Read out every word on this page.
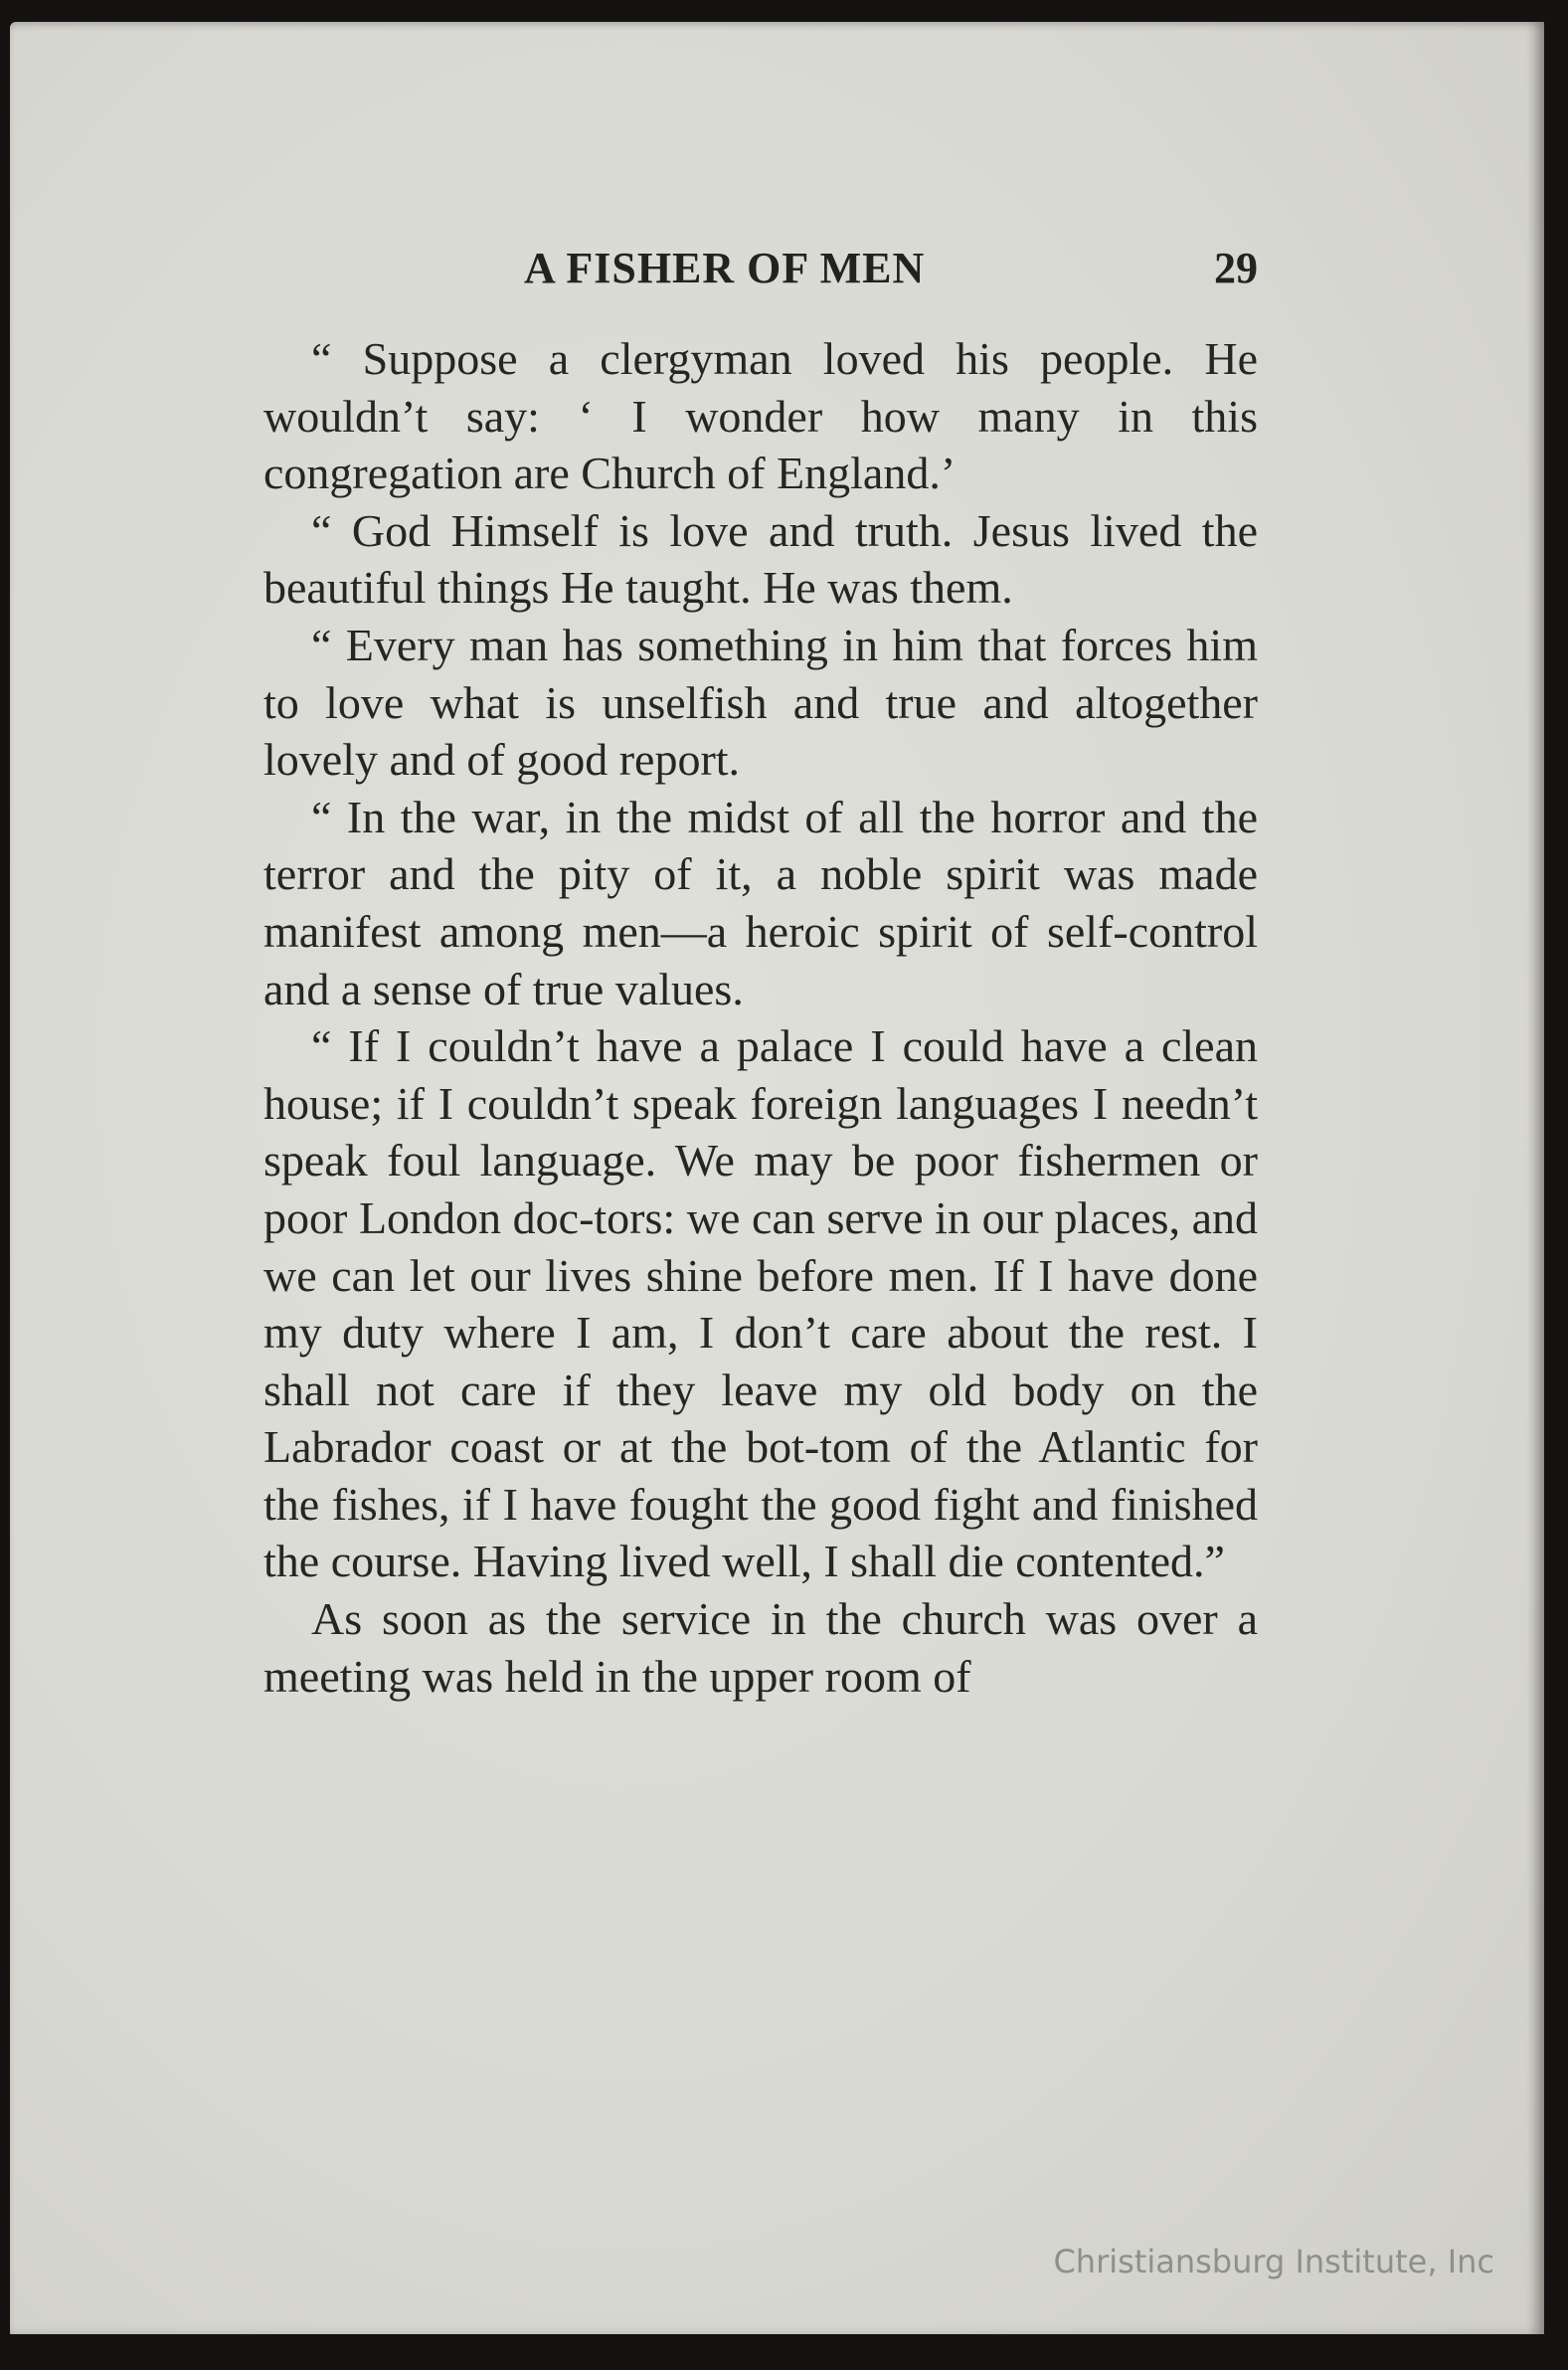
A FISHER OF MEN	29

“ Suppose a clergyman loved his people. He wouldn’t say: ‘ I wonder how many in this congregation are Church of England.’

“ God Himself is love and truth. Jesus lived the beautiful things He taught. He was them.

“ Every man has something in him that forces him to love what is unselfish and true and altogether lovely and of good report.

“ In the war, in the midst of all the horror and the terror and the pity of it, a noble spirit was made manifest among men—a heroic spirit of self-control and a sense of true values.

“ If I couldn’t have a palace I could have a clean house; if I couldn’t speak foreign languages I needn’t speak foul language. We may be poor fishermen or poor London doc-tors: we can serve in our places, and we can let our lives shine before men. If I have done my duty where I am, I don’t care about the rest. I shall not care if they leave my old body on the Labrador coast or at the bot-tom of the Atlantic for the fishes, if I have fought the good fight and finished the course. Having lived well, I shall die contented.”

As soon as the service in the church was over a meeting was held in the upper room of

Christiansburg Institute, Inc
